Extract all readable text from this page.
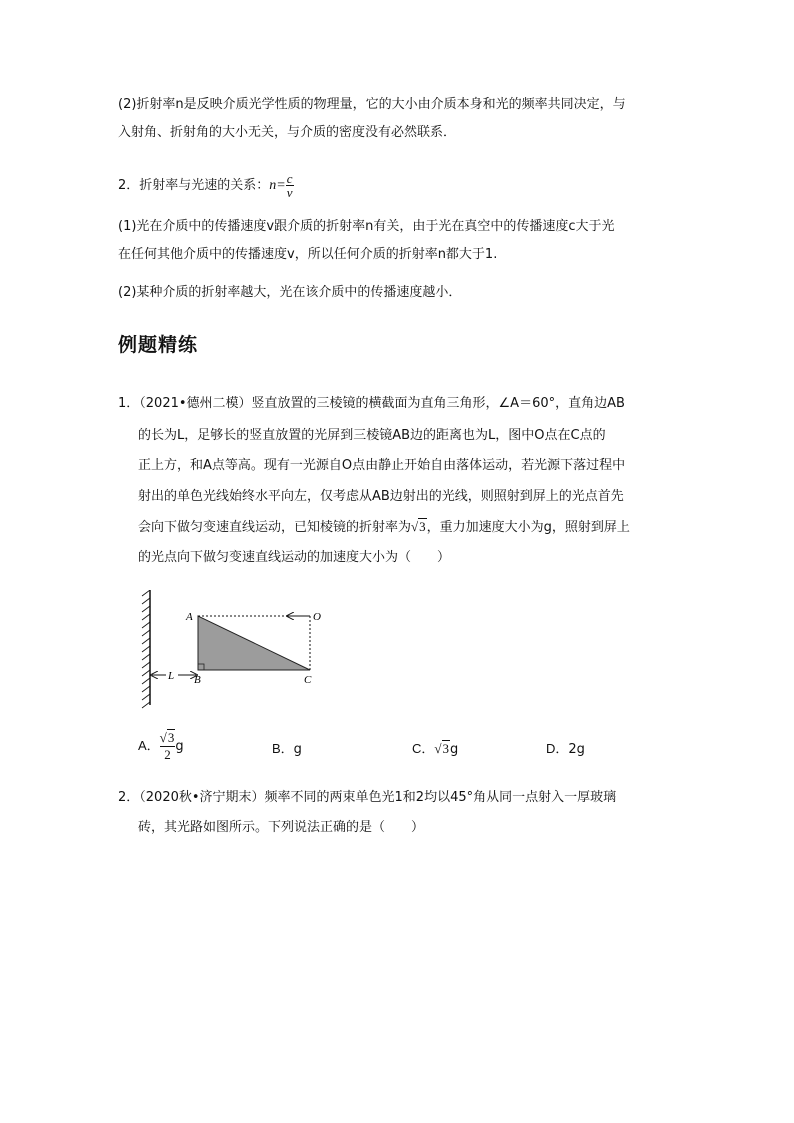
(2)折射率n是反映介质光学性质的物理量，它的大小由介质本身和光的频率共同决定，与
入射角、折射角的大小无关，与介质的密度没有必然联系．
2．折射率与光速的关系：$n= \frac{c}{v}$
(1)光在介质中的传播速度v跟介质的折射率n有关，由于光在真空中的传播速度c大于光
在任何其他介质中的传播速度v，所以任何介质的折射率n都大于1.
(2)某种介质的折射率越大，光在该介质中的传播速度越小．
例题精练
1．（2021•德州二模）竖直放置的三棱镜的横截面为直角三角形，∠A＝60°，直角边AB
的长为L，足够长的竖直放置的光屏到三棱镜AB边的距离也为L，图中O点在C点的
正上方，和A点等高。现有一光源自O点由静止开始自由落体运动，若光源下落过程中
射出的单色光线始终水平向左，仅考虑从AB边射出的光线，则照射到屏上的光点首先
会向下做匀变速直线运动，已知棱镜的折射率为√3，重力加速度大小为g，照射到屏上
的光点向下做匀变速直线运动的加速度大小为（　　）
A
B	C
O
L
A． $\frac{√3}{2}$ g	B．g	C．√3g	D．2g
2．（2020秋•济宁期末）频率不同的两束单色光1和2均以45°角从同一点射入一厚玻璃
砖，其光路如图所示。下列说法正确的是（　　）
